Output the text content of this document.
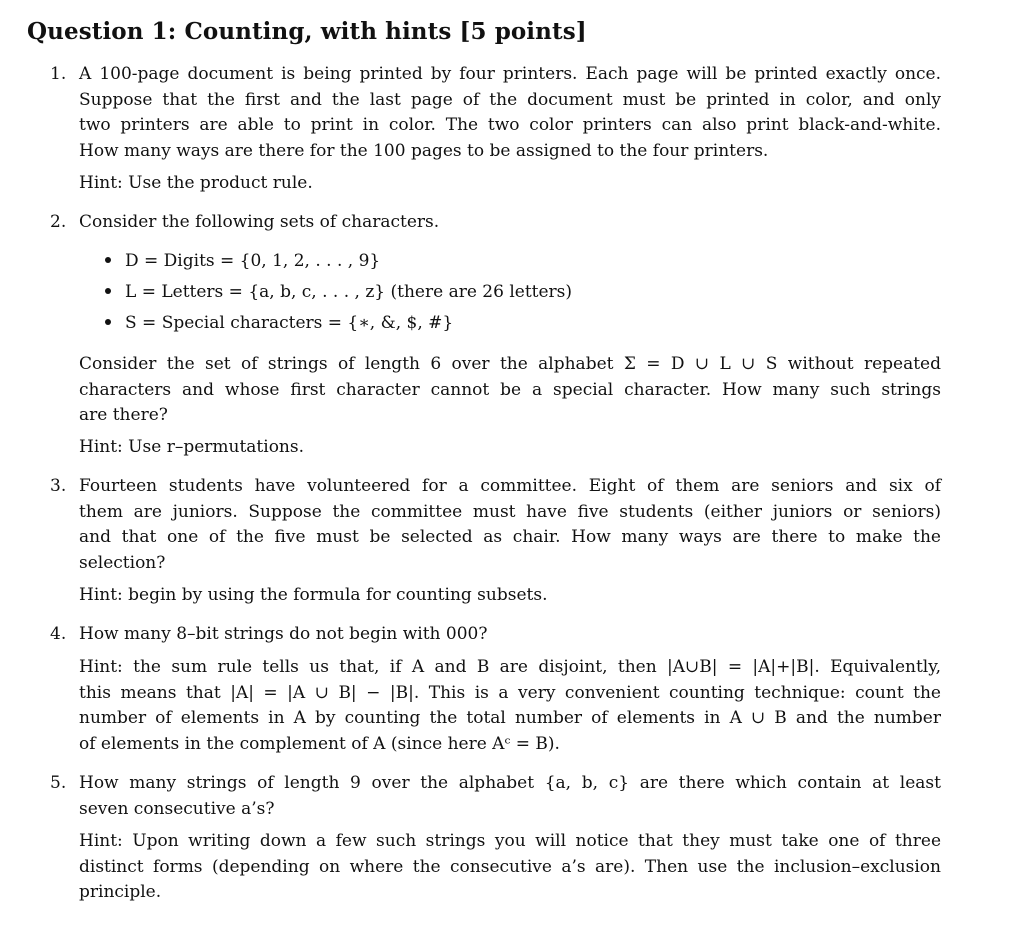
Question 1: Counting, with hints [5 points]
1. A 100-page document is being printed by four printers. Each page will be printed exactly once.
Suppose that the first and the last page of the document must be printed in color, and only
two printers are able to print in color. The two color printers can also print black-and-white.
How many ways are there for the 100 pages to be assigned to the four printers.
Hint: Use the product rule.
2. Consider the following sets of characters.
D = Digits = {0, 1, 2, . . . , 9}
L = Letters = {a, b, c, . . . , z} (there are 26 letters)
S = Special characters = {∗, &, $, #}
Consider the set of strings of length 6 over the alphabet Σ = D ∪ L ∪ S without repeated
characters and whose first character cannot be a special character. How many such strings
are there?
Hint: Use r–permutations.
3. Fourteen students have volunteered for a committee. Eight of them are seniors and six of
them are juniors. Suppose the committee must have five students (either juniors or seniors)
and that one of the five must be selected as chair. How many ways are there to make the
selection?
Hint: begin by using the formula for counting subsets.
4. How many 8–bit strings do not begin with 000?
Hint: the sum rule tells us that, if A and B are disjoint, then |A∪B| = |A|+|B|. Equivalently,
this means that |A| = |A ∪ B| − |B|. This is a very convenient counting technique: count the
number of elements in A by counting the total number of elements in A ∪ B and the number
of elements in the complement of A (since here Aᶜ = B).
5. How many strings of length 9 over the alphabet {a, b, c} are there which contain at least
seven consecutive a’s?
Hint: Upon writing down a few such strings you will notice that they must take one of three
distinct forms (depending on where the consecutive a’s are). Then use the inclusion–exclusion
principle.
